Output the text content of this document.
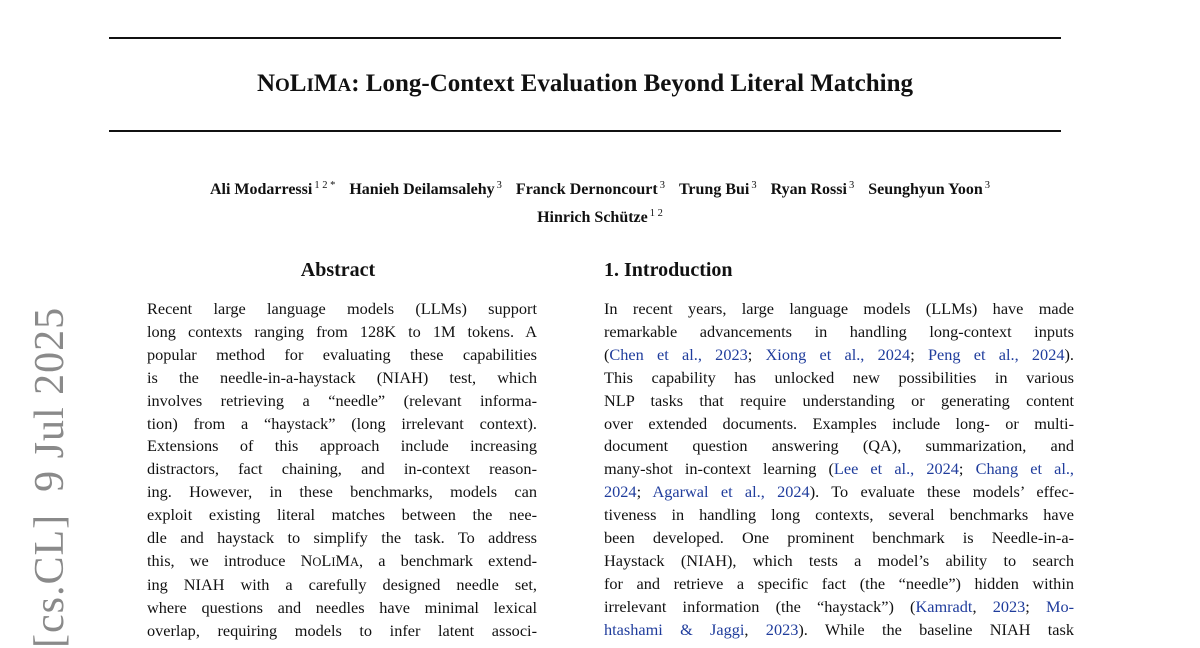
NOLIMA: Long-Context Evaluation Beyond Literal Matching
Ali Modarressi $^{1 2 *}$ Hanieh Deilamsalehy $^3$ Franck Dernoncourt $^3$ Trung Bui $^3$ Ryan Rossi $^3$ Seunghyun Yoon $^3$
Hinrich Schütze $^{1 2}$
[cs.CL]9 Jul 2025
Abstract
Recent large language models (LLMs) support
long contexts ranging from 128K to 1M tokens. A
popular method for evaluating these capabilities
is the needle-in-a-haystack (NIAH) test, which
involves retrieving a “needle” (relevant informa-
tion) from a “haystack” (long irrelevant context).
Extensions of this approach include increasing
distractors, fact chaining, and in-context reason-
ing. However, in these benchmarks, models can
exploit existing literal matches between the nee-
dle and haystack to simplify the task. To address
this, we introduce NOLIMA, a benchmark extend-
ing NIAH with a carefully designed needle set,
where questions and needles have minimal lexical
overlap, requiring models to infer latent associ-
1. Introduction
In recent years, large language models (LLMs) have made
remarkable advancements in handling long-context inputs
(Chen et al., 2023; Xiong et al., 2024; Peng et al., 2024).
This capability has unlocked new possibilities in various
NLP tasks that require understanding or generating content
over extended documents. Examples include long- or multi-
document question answering (QA), summarization, and
many-shot in-context learning (Lee et al., 2024; Chang et al.,
2024; Agarwal et al., 2024). To evaluate these models’ effec-
tiveness in handling long contexts, several benchmarks have
been developed. One prominent benchmark is Needle-in-a-
Haystack (NIAH), which tests a model’s ability to search
for and retrieve a specific fact (the “needle”) hidden within
irrelevant information (the “haystack”) (Kamradt, 2023; Mo-
htashami & Jaggi, 2023). While the baseline NIAH task
